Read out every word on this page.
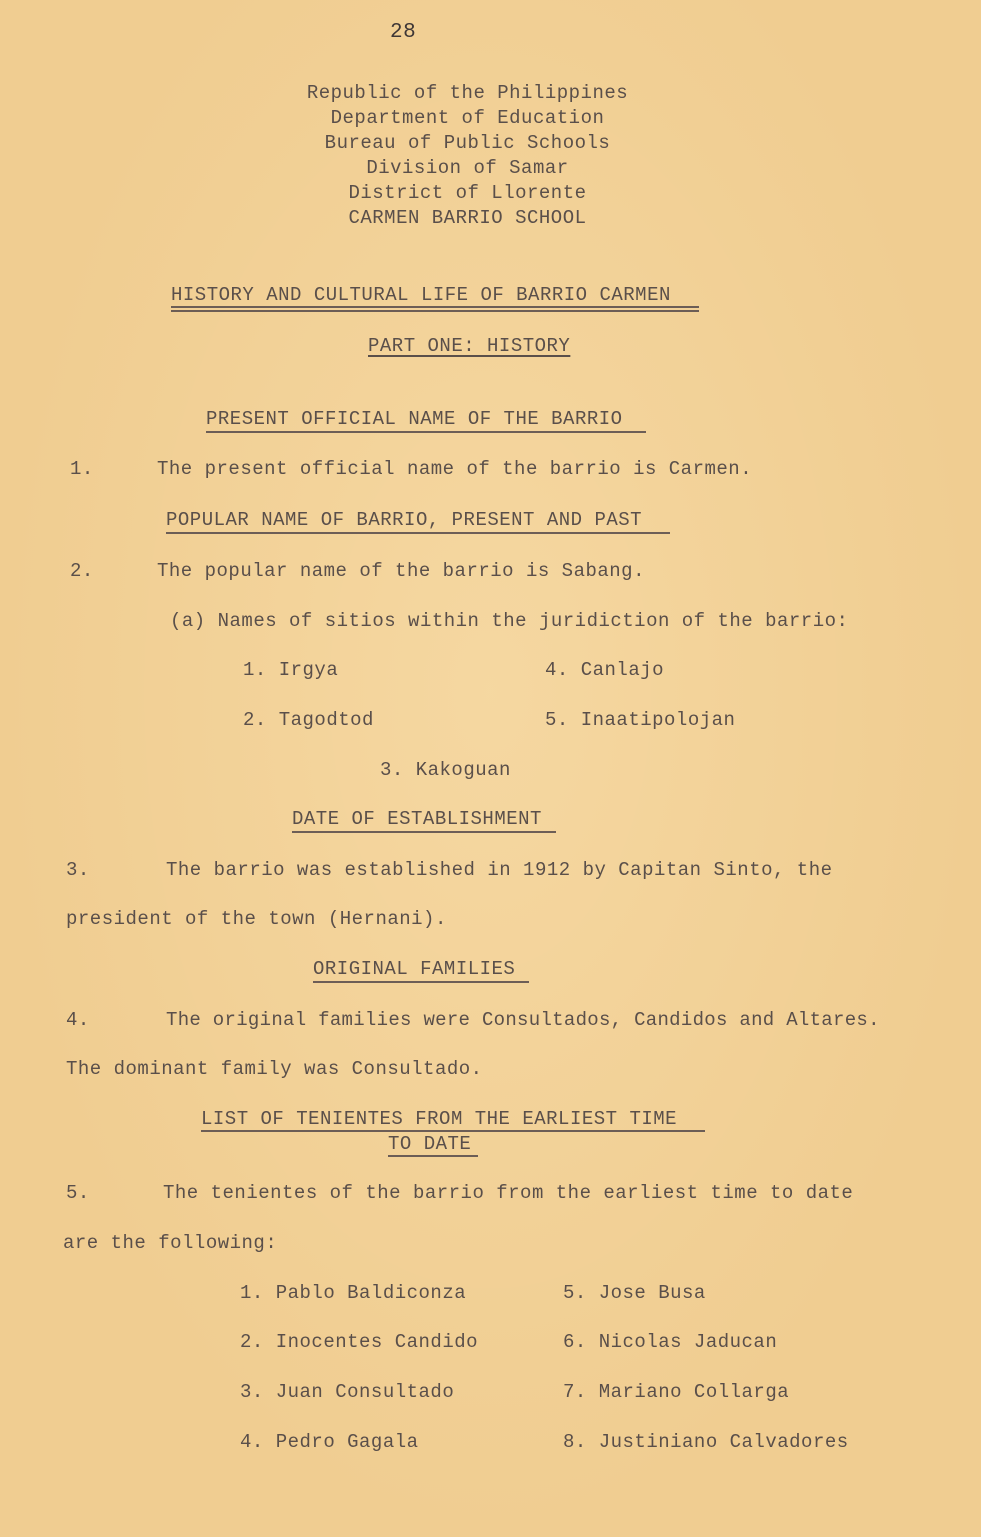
28
Republic of the Philippines
Department of Education
Bureau of Public Schools
Division of Samar
District of Llorente
CARMEN BARRIO SCHOOL
HISTORY AND CULTURAL LIFE OF BARRIO CARMEN
PART ONE: HISTORY
PRESENT OFFICIAL NAME OF THE BARRIO
1.	The present official name of the barrio is Carmen.
POPULAR NAME OF BARRIO, PRESENT AND PAST
2.	The popular name of the barrio is Sabang.
(a) Names of sitios within the juridiction of the barrio:
1. Irgya
2. Tagodtod
3. Kakoguan
4. Canlajo
5. Inaatipolojan
DATE OF ESTABLISHMENT
3.	The barrio was established in 1912 by Capitan Sinto, the
president of the town (Hernani).
ORIGINAL FAMILIES
4.	The original families were Consultados, Candidos and Altares.
The dominant family was Consultado.
LIST OF TENIENTES FROM THE EARLIEST TIME
TO DATE
5.	The tenientes of the barrio from the earliest time to date
are the following:
1. Pablo Baldiconza
2. Inocentes Candido
3. Juan Consultado
4. Pedro Gagala
5. Jose Busa
6. Nicolas Jaducan
7. Mariano Collarga
8. Justiniano Calvadores
